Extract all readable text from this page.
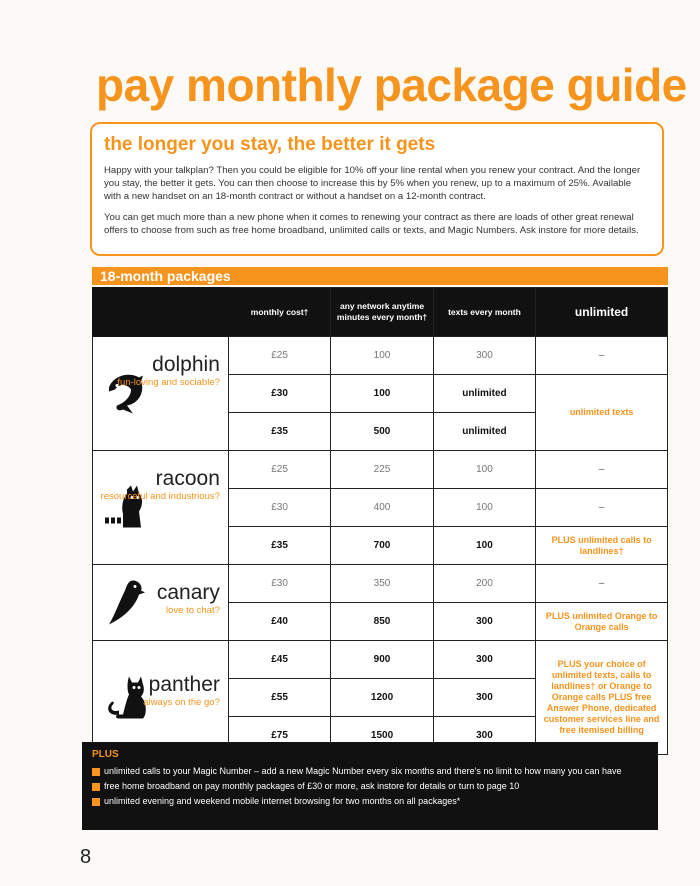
pay monthly package guide
the longer you stay, the better it gets

Happy with your talkplan? Then you could be eligible for 10% off your line rental when you renew your contract. And the longer you stay, the better it gets. You can then choose to increase this by 5% when you renew, up to a maximum of 25%. Available with a new handset on an 18-month contract or without a handset on a 12-month contract.

You can get much more than a new phone when it comes to renewing your contract as there are loads of other great renewal offers to choose from such as free home broadband, unlimited calls or texts, and Magic Numbers. Ask instore for more details.

18-month packages
	monthly cost†	any network anytime minutes every month†	texts every month	unlimited

dolphin
fun-loving and sociable?	£25	100	300	–
	£30	100	unlimited	unlimited texts
	£35	500	unlimited	

racoon
resourceful and industrious?	£25	225	100	–
	£30	400	100	–
	£35	700	100	PLUS unlimited calls to landlines†

canary
love to chat?	£30	350	200	–
	£40	850	300	PLUS unlimited Orange to Orange calls

panther
always on the go?	£45	900	300	PLUS your choice of unlimited texts, calls to landlines† or Orange to Orange calls PLUS free Answer Phone, dedicated customer services line and free itemised billing
	£55	1200	300	
	£75	1500	300	
PLUS
unlimited calls to your Magic Number – add a new Magic Number every six months and there's no limit to how many you can have
free home broadband on pay monthly packages of £30 or more, ask instore for details or turn to page 10
unlimited evening and weekend mobile internet browsing for two months on all packages*
8
